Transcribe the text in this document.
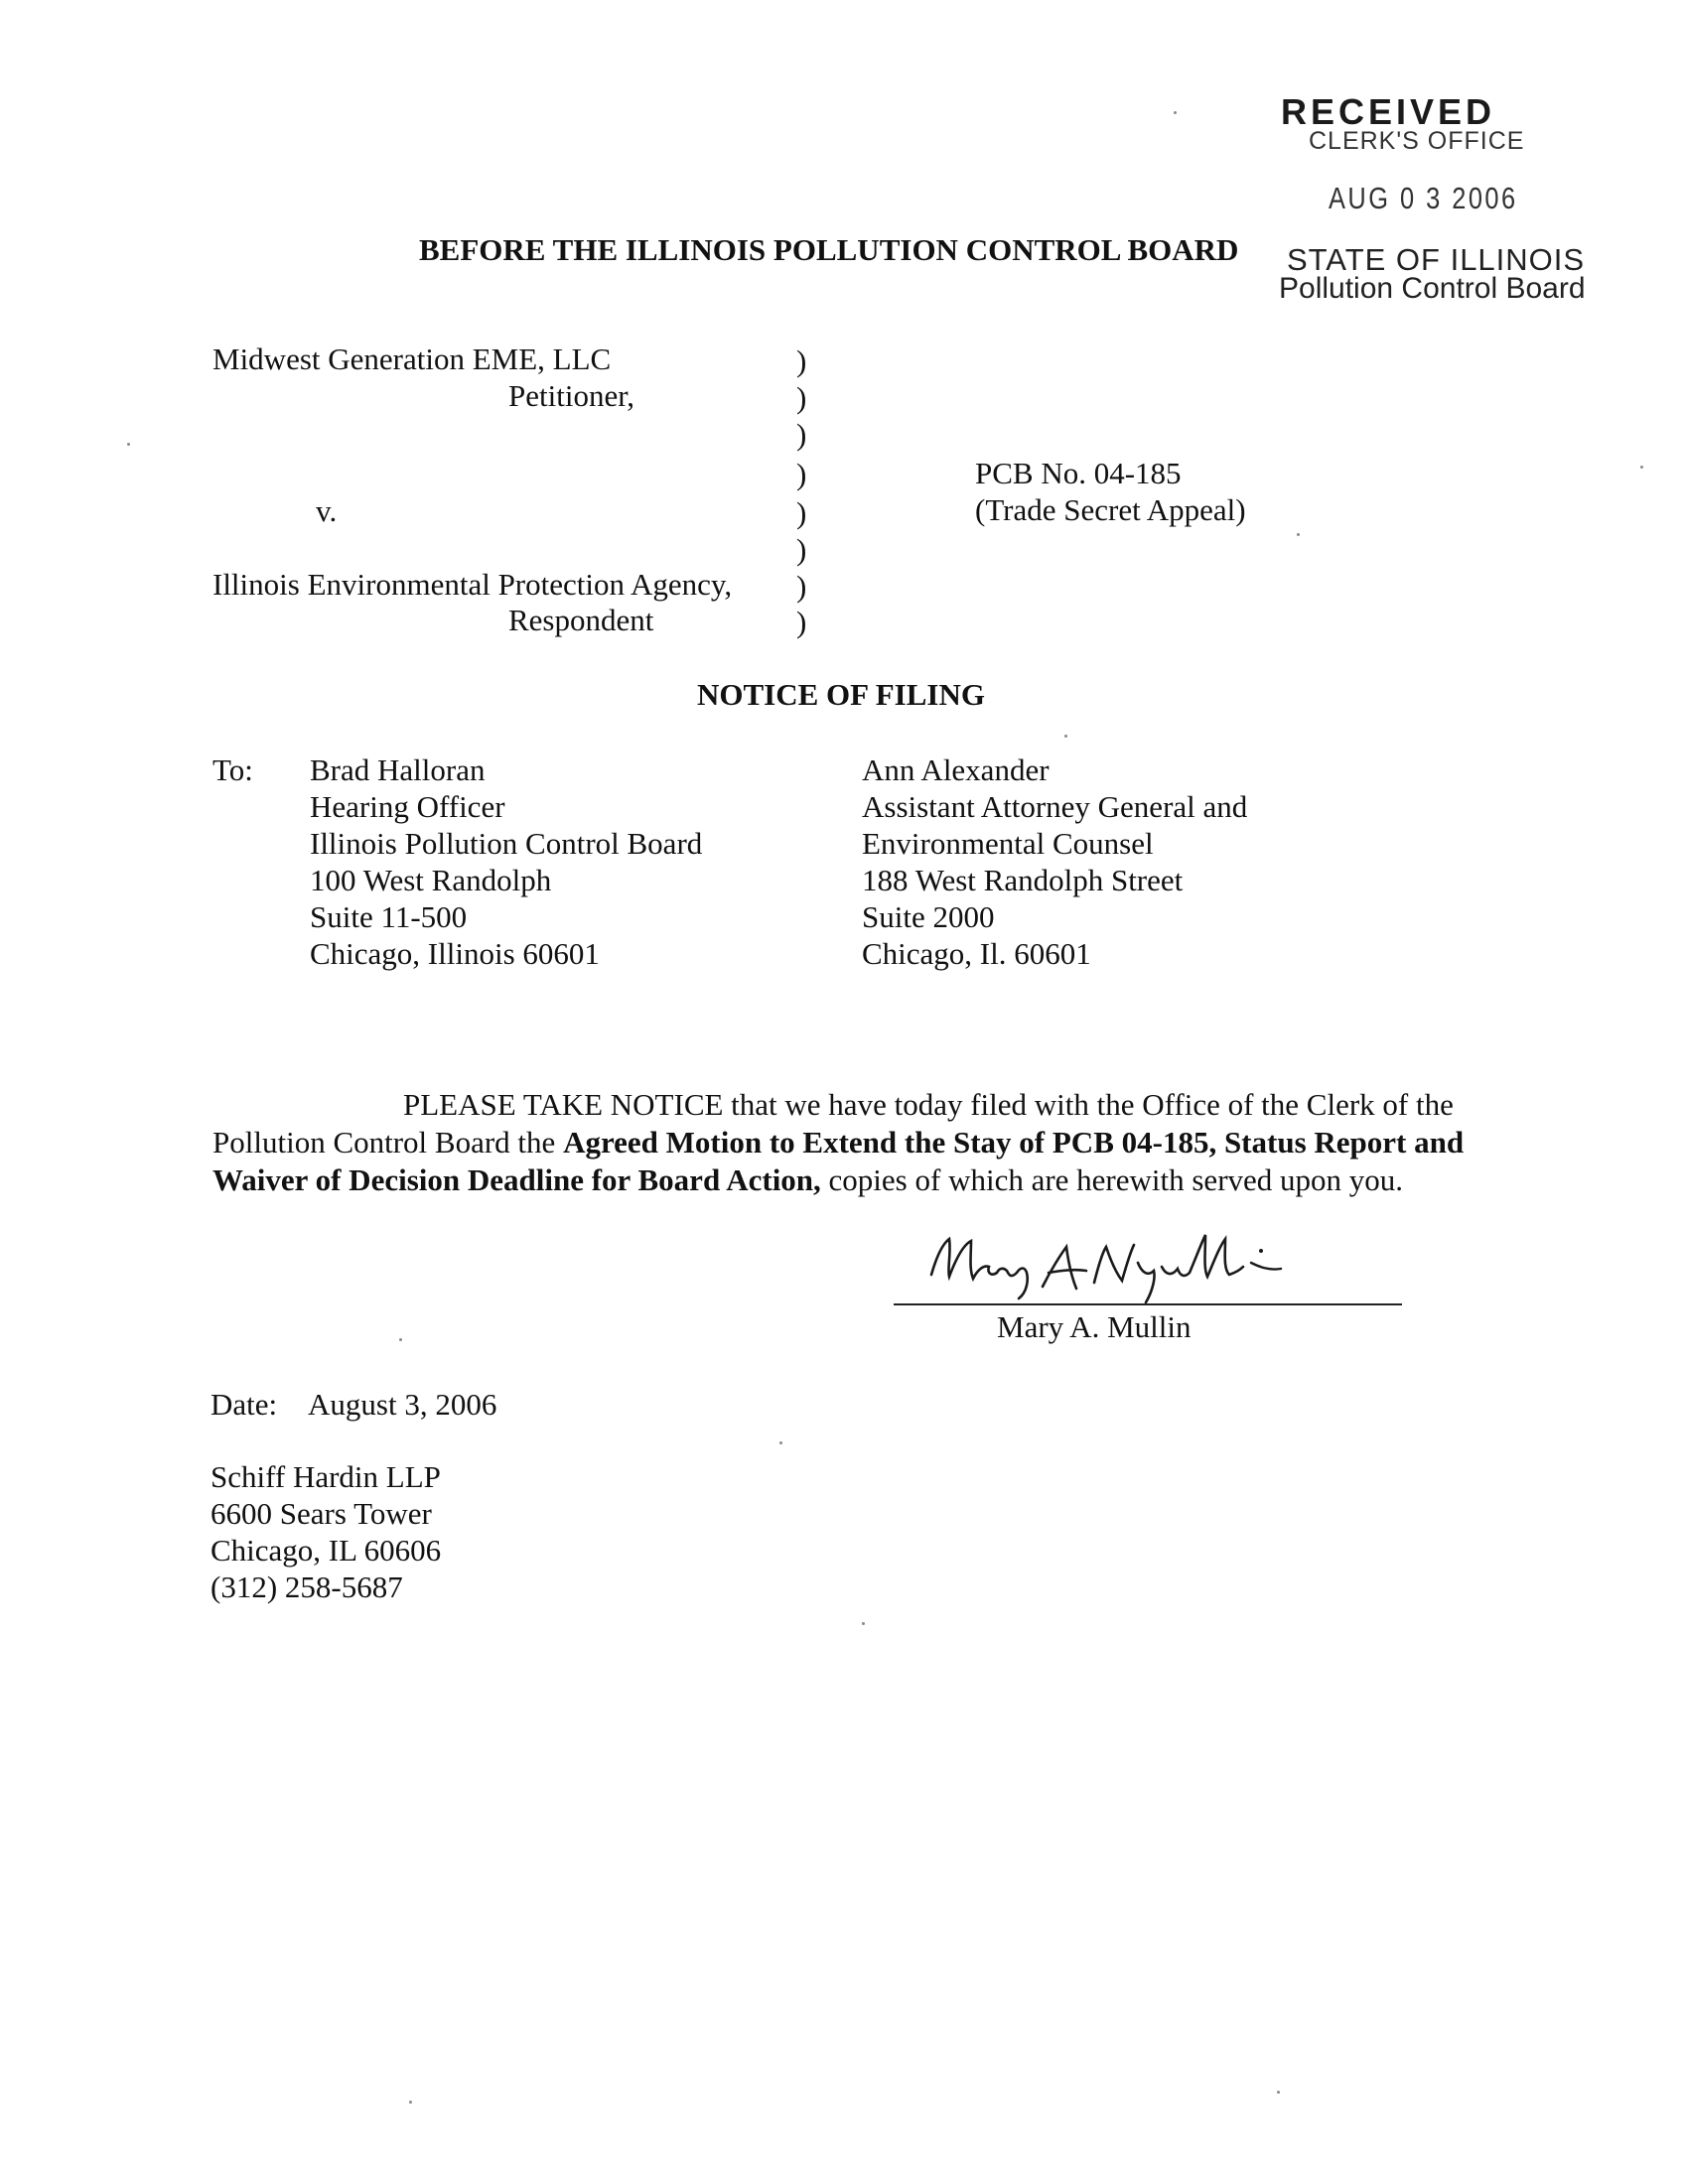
RECEIVED
CLERK'S OFFICE
AUG 0 3 2006
BEFORE THE ILLINOIS POLLUTION CONTROL BOARD STATE OF ILLINOIS
Pollution Control Board
Midwest Generation EME, LLC
Petitioner,
v.
Illinois Environmental Protection Agency,
Respondent
)
)
)
)
)
)
)
)
PCB No. 04-185
(Trade Secret Appeal)
NOTICE OF FILING
To: Brad Halloran
Hearing Officer
Illinois Pollution Control Board
100 West Randolph
Suite 11-500
Chicago, Illinois 60601
Ann Alexander
Assistant Attorney General and
Environmental Counsel
188 West Randolph Street
Suite 2000
Chicago, Il. 60601
PLEASE TAKE NOTICE that we have today filed with the Office of the Clerk of the Pollution Control Board the Agreed Motion to Extend the Stay of PCB 04-185, Status Report and Waiver of Decision Deadline for Board Action, copies of which are herewith served upon you.
Mary A. Mullin
Date: August 3, 2006
Schiff Hardin LLP
6600 Sears Tower
Chicago, IL 60606
(312) 258-5687
